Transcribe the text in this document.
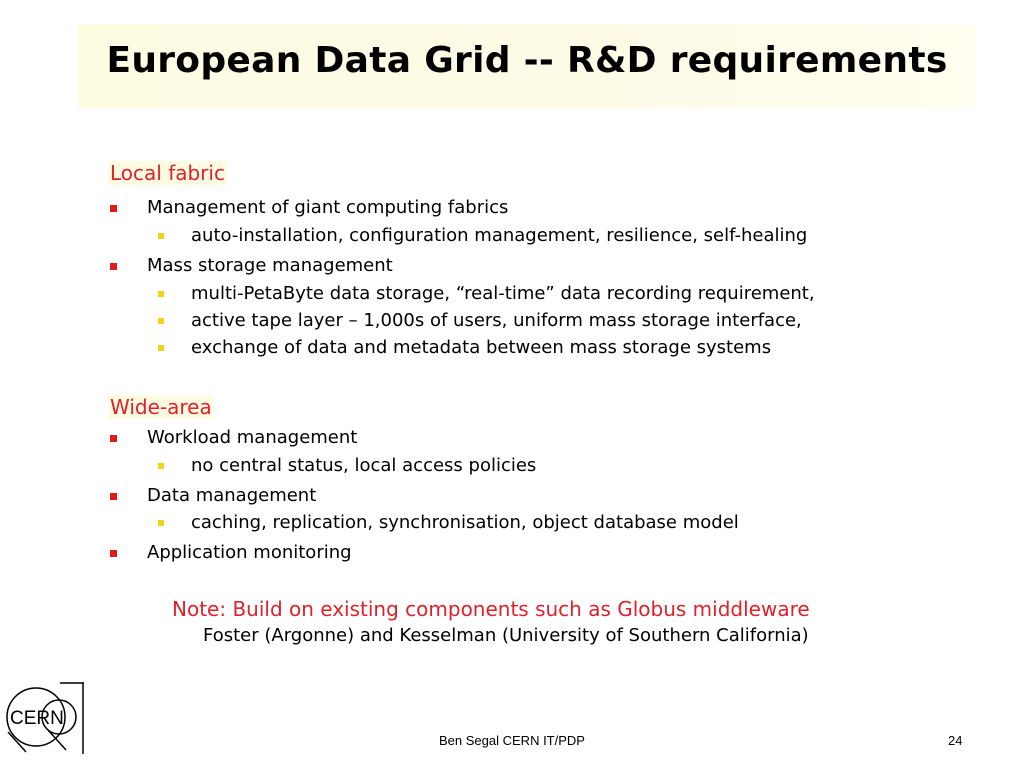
European Data Grid -- R&D requirements
Local fabric
Management of giant computing fabrics
auto-installation, configuration management, resilience, self-healing
Mass storage management
multi-PetaByte data storage, “real-time” data recording requirement,
active tape layer – 1,000s of users, uniform mass storage interface,
exchange of data and metadata between mass storage systems
Wide-area
Workload management
no central status, local access policies
Data management
caching, replication, synchronisation, object database model
Application monitoring
Note: Build on existing components such as Globus middleware
Foster (Argonne) and Kesselman (University of Southern California)
CERN
Ben Segal CERN IT/PDP	24
